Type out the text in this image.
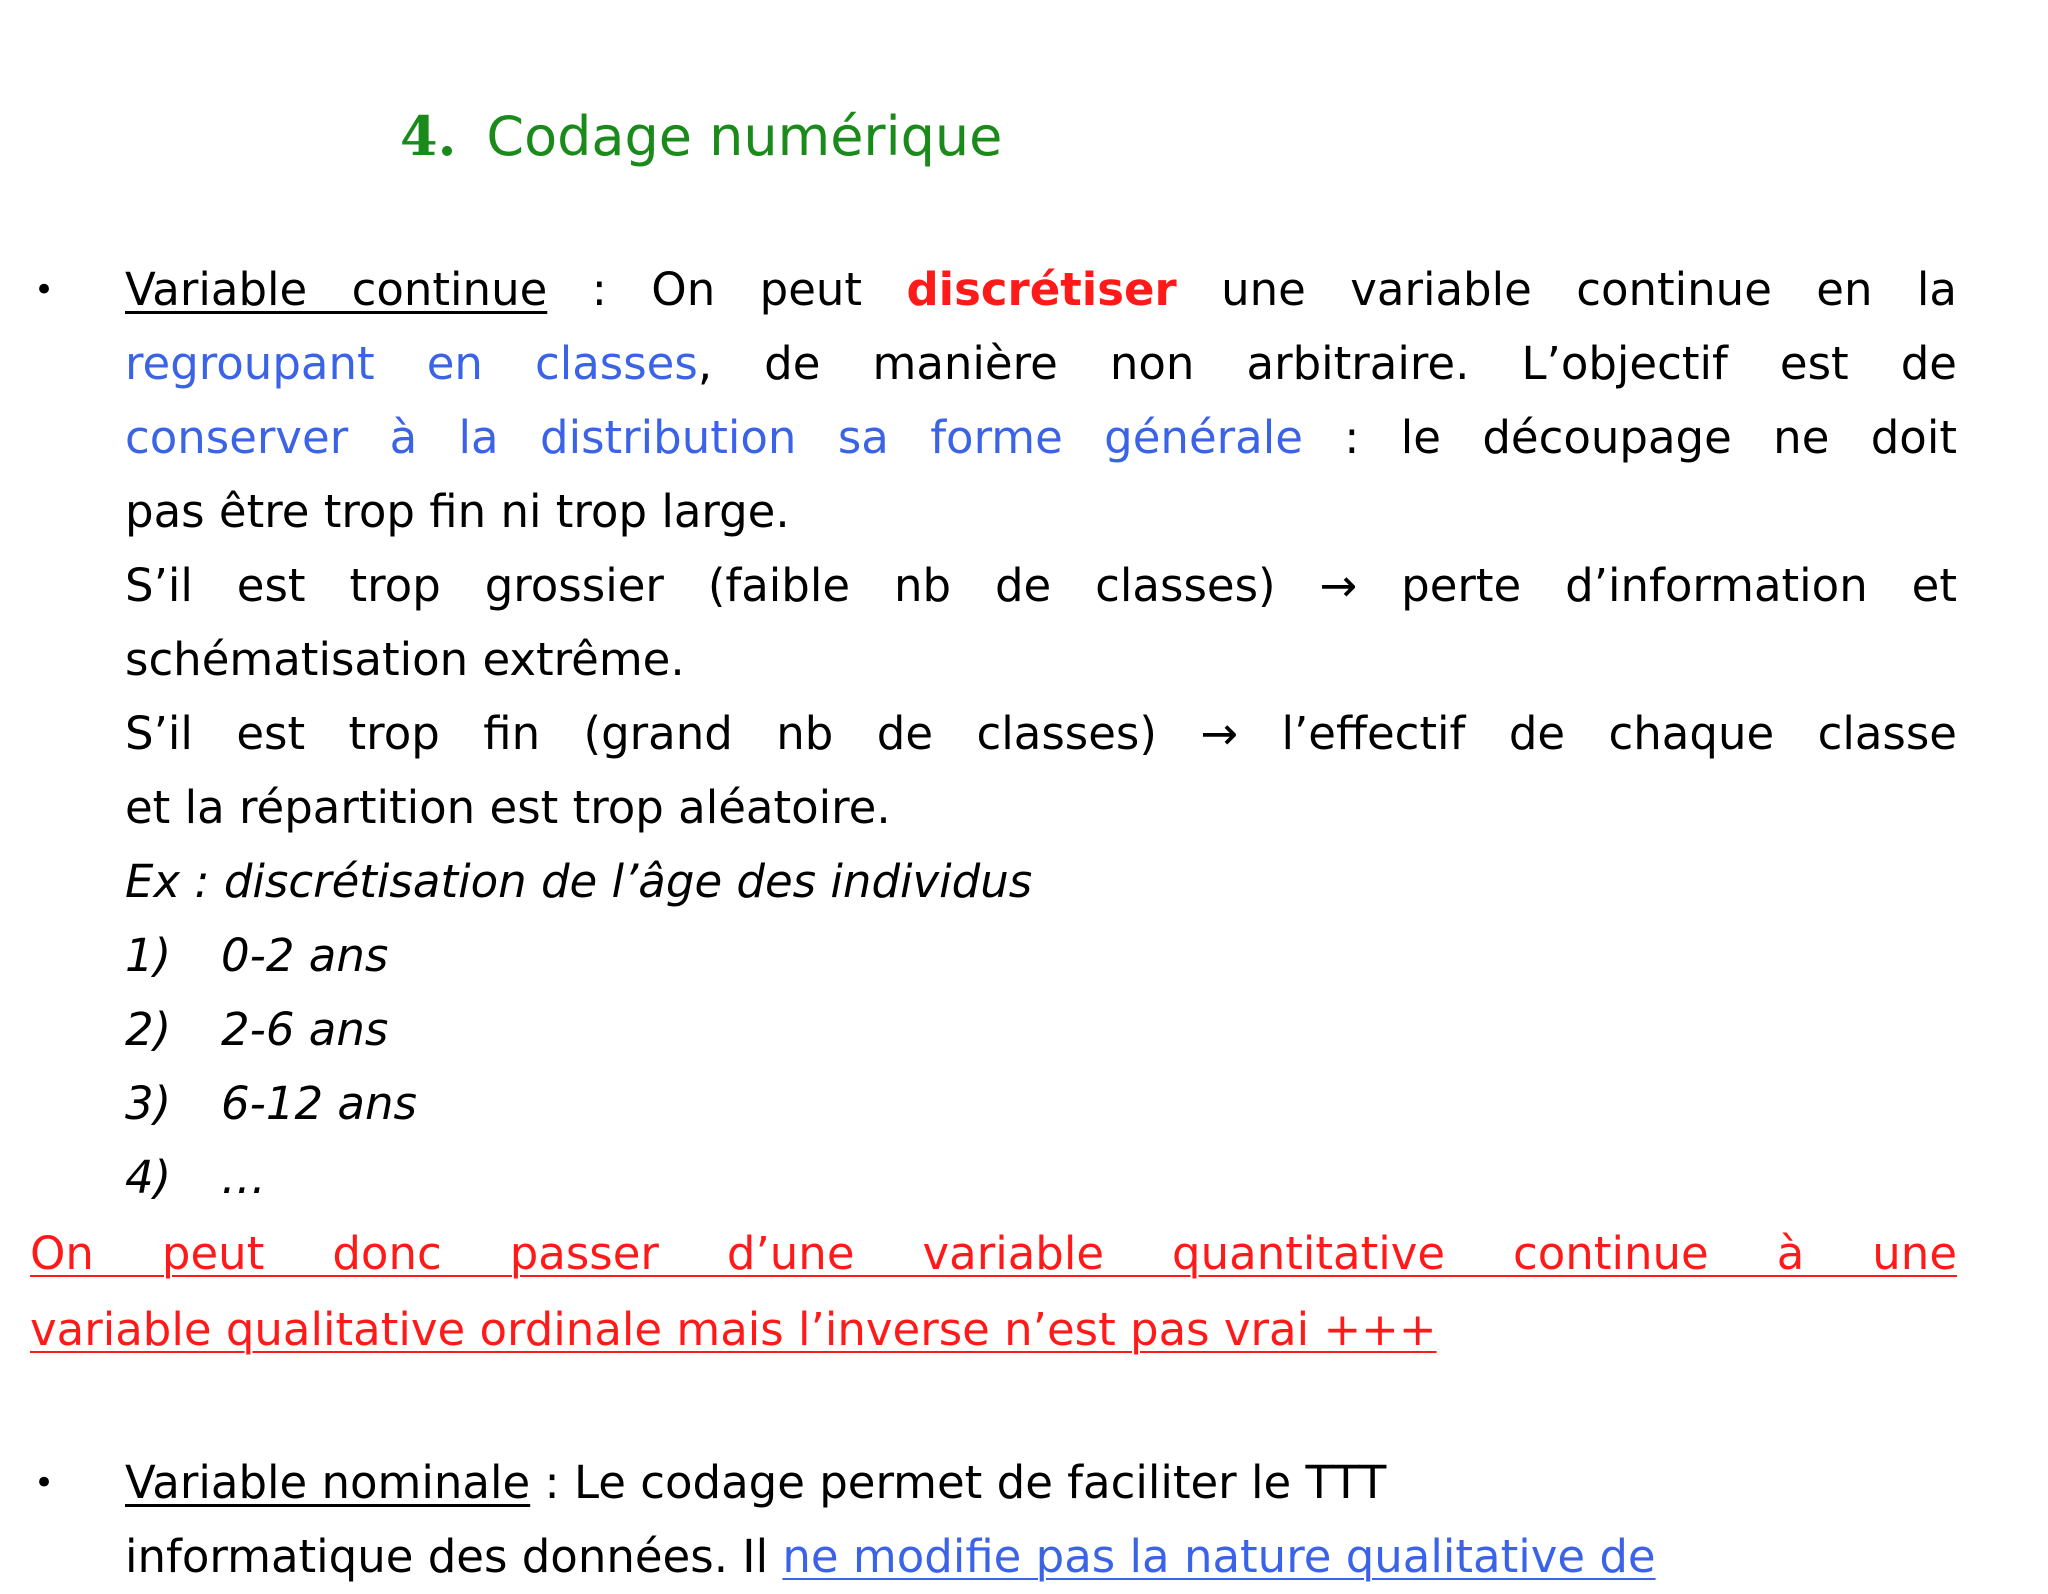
4. Codage numérique
•	Variable continue : On peut discrétiser une variable continue en la
regroupant en classes, de manière non arbitraire. L’objectif est de
conserver à la distribution sa forme générale : le découpage ne doit
pas être trop fin ni trop large.
S’il est trop grossier (faible nb de classes) → perte d’information et
schématisation extrême.
S’il est trop fin (grand nb de classes) → l’effectif de chaque classe
et la répartition est trop aléatoire.
Ex : discrétisation de l’âge des individus
1) 0-2 ans
2) 2-6 ans
3) 6-12 ans
4) …
On peut donc passer d’une variable quantitative continue à une
variable qualitative ordinale mais l’inverse n’est pas vrai +++
•	Variable nominale : Le codage permet de faciliter le TTT
informatique des données. Il ne modifie pas la nature qualitative de
